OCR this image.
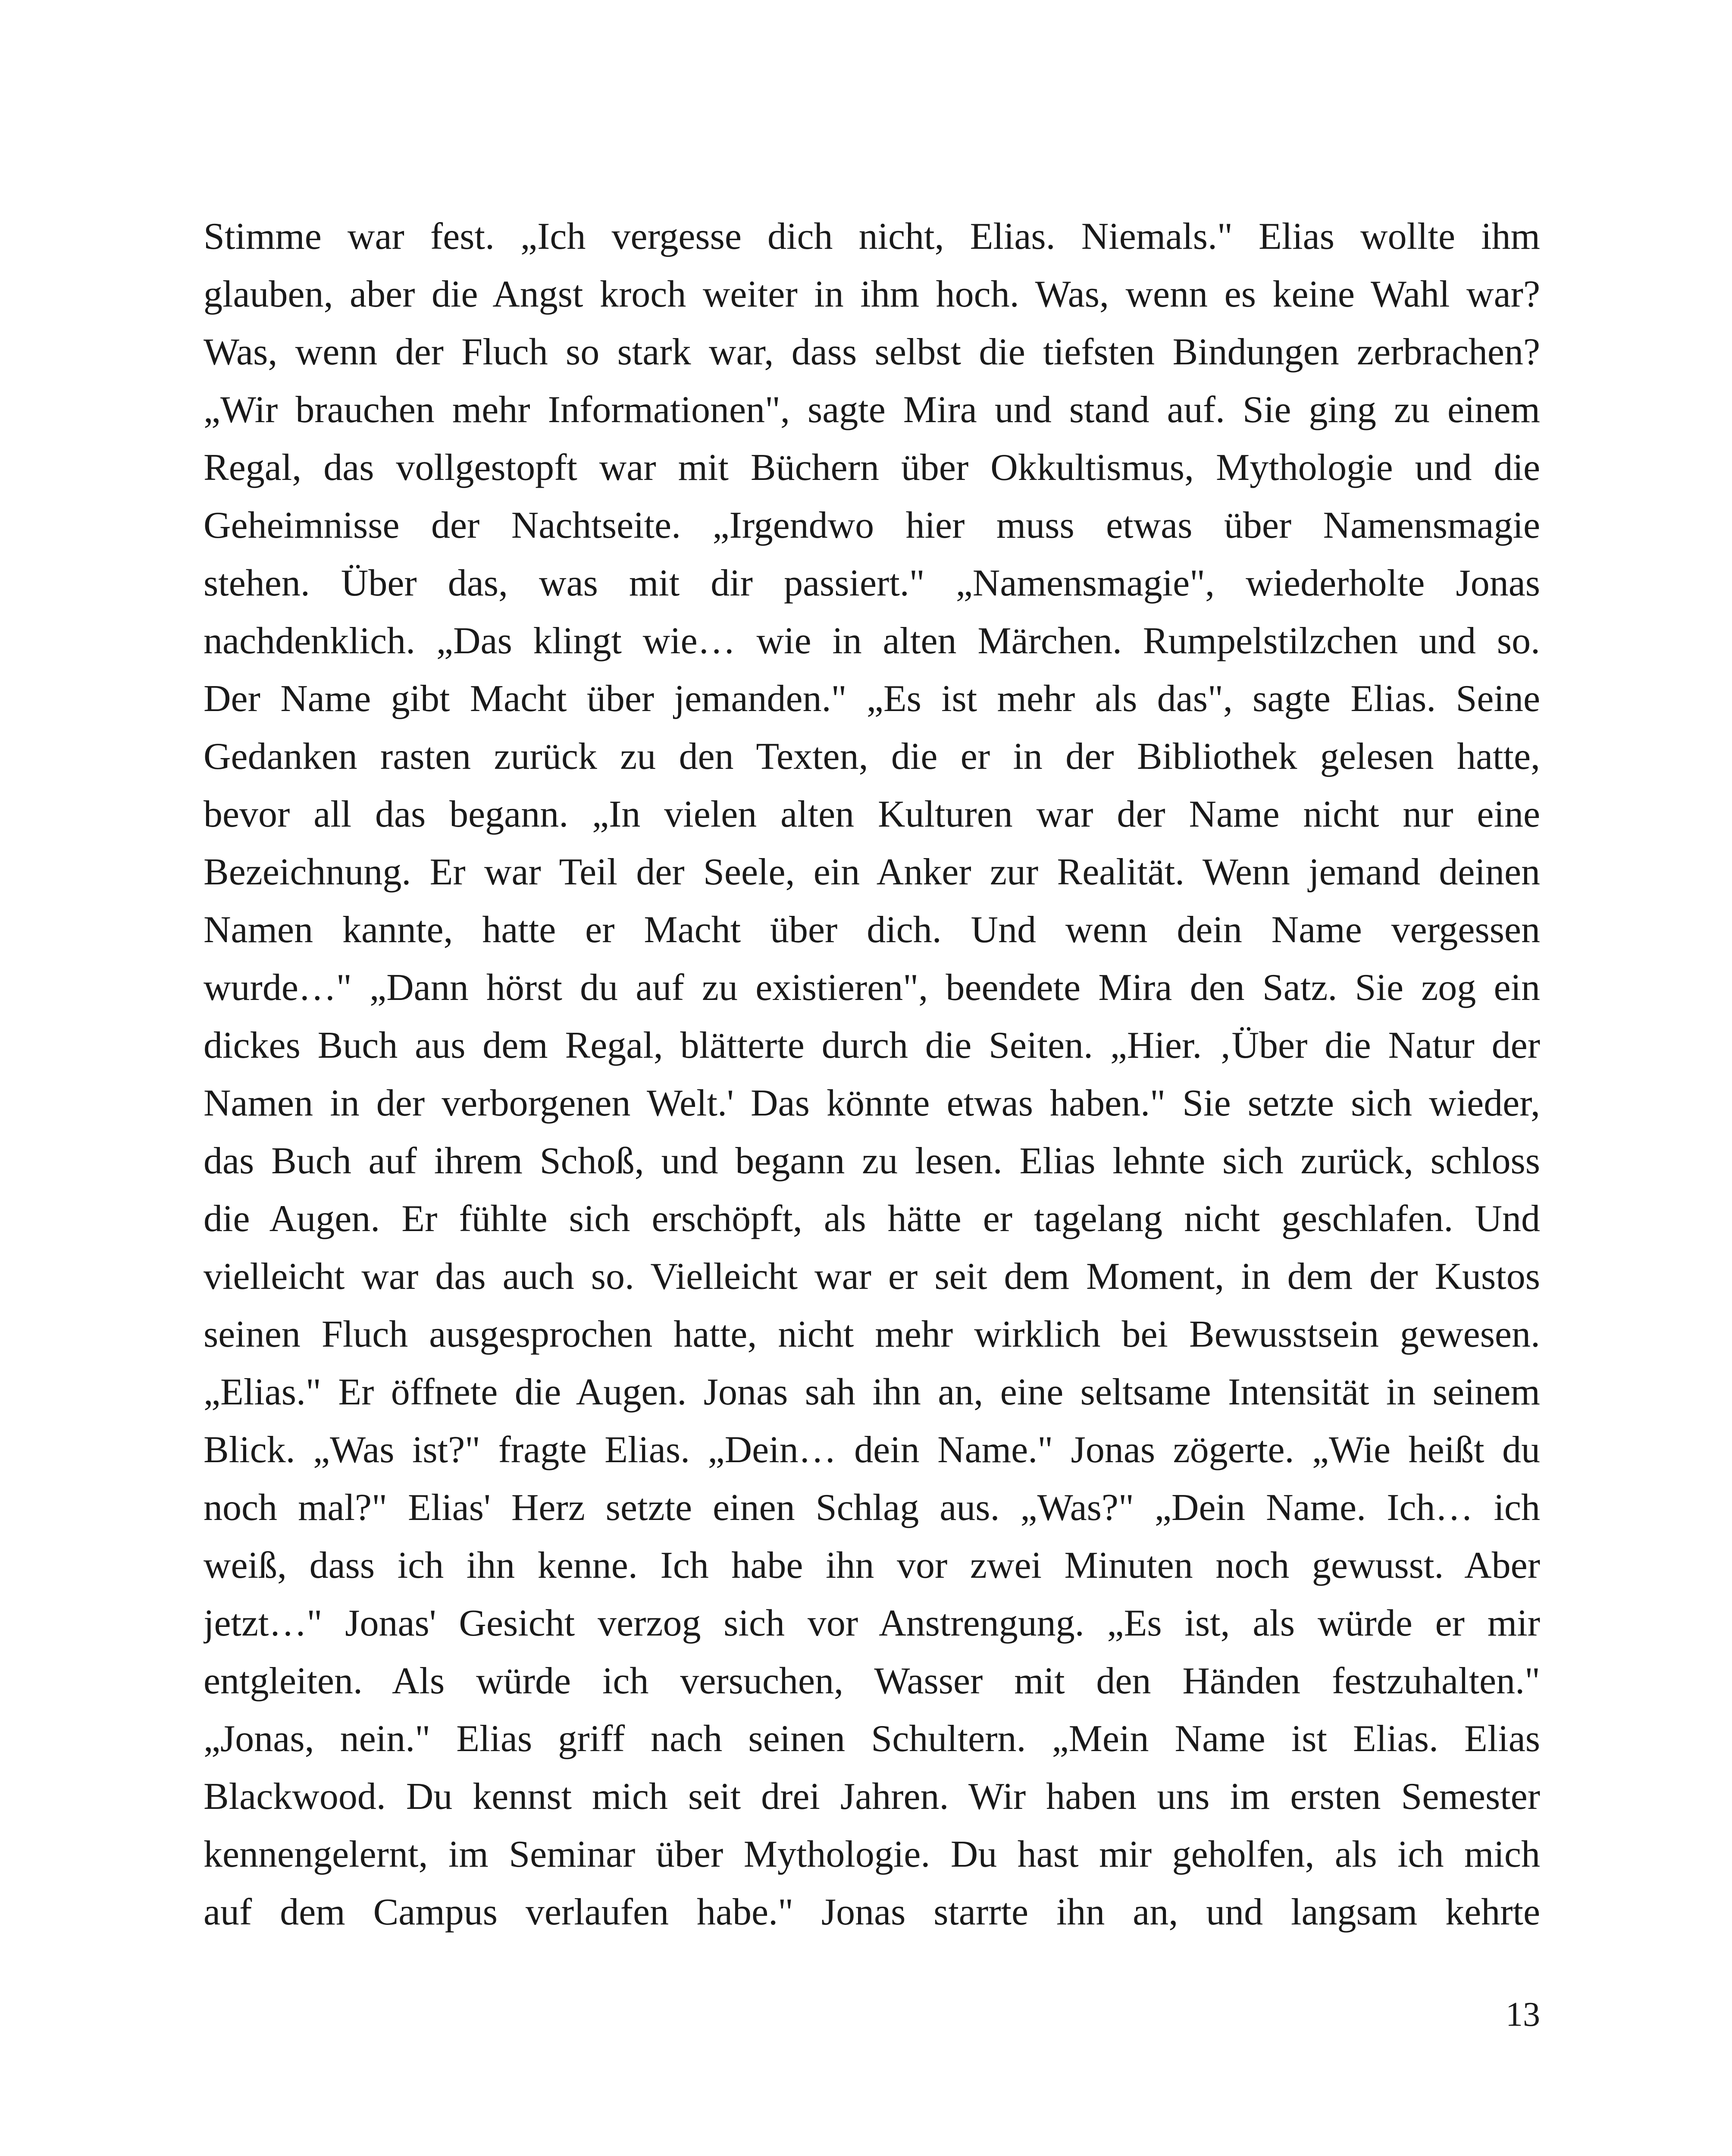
Stimme war fest. „Ich vergesse dich nicht, Elias. Niemals." Elias wollte ihm
glauben, aber die Angst kroch weiter in ihm hoch. Was, wenn es keine Wahl war?
Was, wenn der Fluch so stark war, dass selbst die tiefsten Bindungen zerbrachen?
„Wir brauchen mehr Informationen", sagte Mira und stand auf. Sie ging zu einem
Regal, das vollgestopft war mit Büchern über Okkultismus, Mythologie und die
Geheimnisse der Nachtseite. „Irgendwo hier muss etwas über Namensmagie
stehen. Über das, was mit dir passiert." „Namensmagie", wiederholte Jonas
nachdenklich. „Das klingt wie… wie in alten Märchen. Rumpelstilzchen und so.
Der Name gibt Macht über jemanden." „Es ist mehr als das", sagte Elias. Seine
Gedanken rasten zurück zu den Texten, die er in der Bibliothek gelesen hatte,
bevor all das begann. „In vielen alten Kulturen war der Name nicht nur eine
Bezeichnung. Er war Teil der Seele, ein Anker zur Realität. Wenn jemand deinen
Namen kannte, hatte er Macht über dich. Und wenn dein Name vergessen
wurde…" „Dann hörst du auf zu existieren", beendete Mira den Satz. Sie zog ein
dickes Buch aus dem Regal, blätterte durch die Seiten. „Hier. ‚Über die Natur der
Namen in der verborgenen Welt.' Das könnte etwas haben." Sie setzte sich wieder,
das Buch auf ihrem Schoß, und begann zu lesen. Elias lehnte sich zurück, schloss
die Augen. Er fühlte sich erschöpft, als hätte er tagelang nicht geschlafen. Und
vielleicht war das auch so. Vielleicht war er seit dem Moment, in dem der Kustos
seinen Fluch ausgesprochen hatte, nicht mehr wirklich bei Bewusstsein gewesen.
„Elias." Er öffnete die Augen. Jonas sah ihn an, eine seltsame Intensität in seinem
Blick. „Was ist?" fragte Elias. „Dein… dein Name." Jonas zögerte. „Wie heißt du
noch mal?" Elias' Herz setzte einen Schlag aus. „Was?" „Dein Name. Ich… ich
weiß, dass ich ihn kenne. Ich habe ihn vor zwei Minuten noch gewusst. Aber
jetzt…" Jonas' Gesicht verzog sich vor Anstrengung. „Es ist, als würde er mir
entgleiten. Als würde ich versuchen, Wasser mit den Händen festzuhalten."
„Jonas, nein." Elias griff nach seinen Schultern. „Mein Name ist Elias. Elias
Blackwood. Du kennst mich seit drei Jahren. Wir haben uns im ersten Semester
kennengelernt, im Seminar über Mythologie. Du hast mir geholfen, als ich mich
auf dem Campus verlaufen habe." Jonas starrte ihn an, und langsam kehrte
13
